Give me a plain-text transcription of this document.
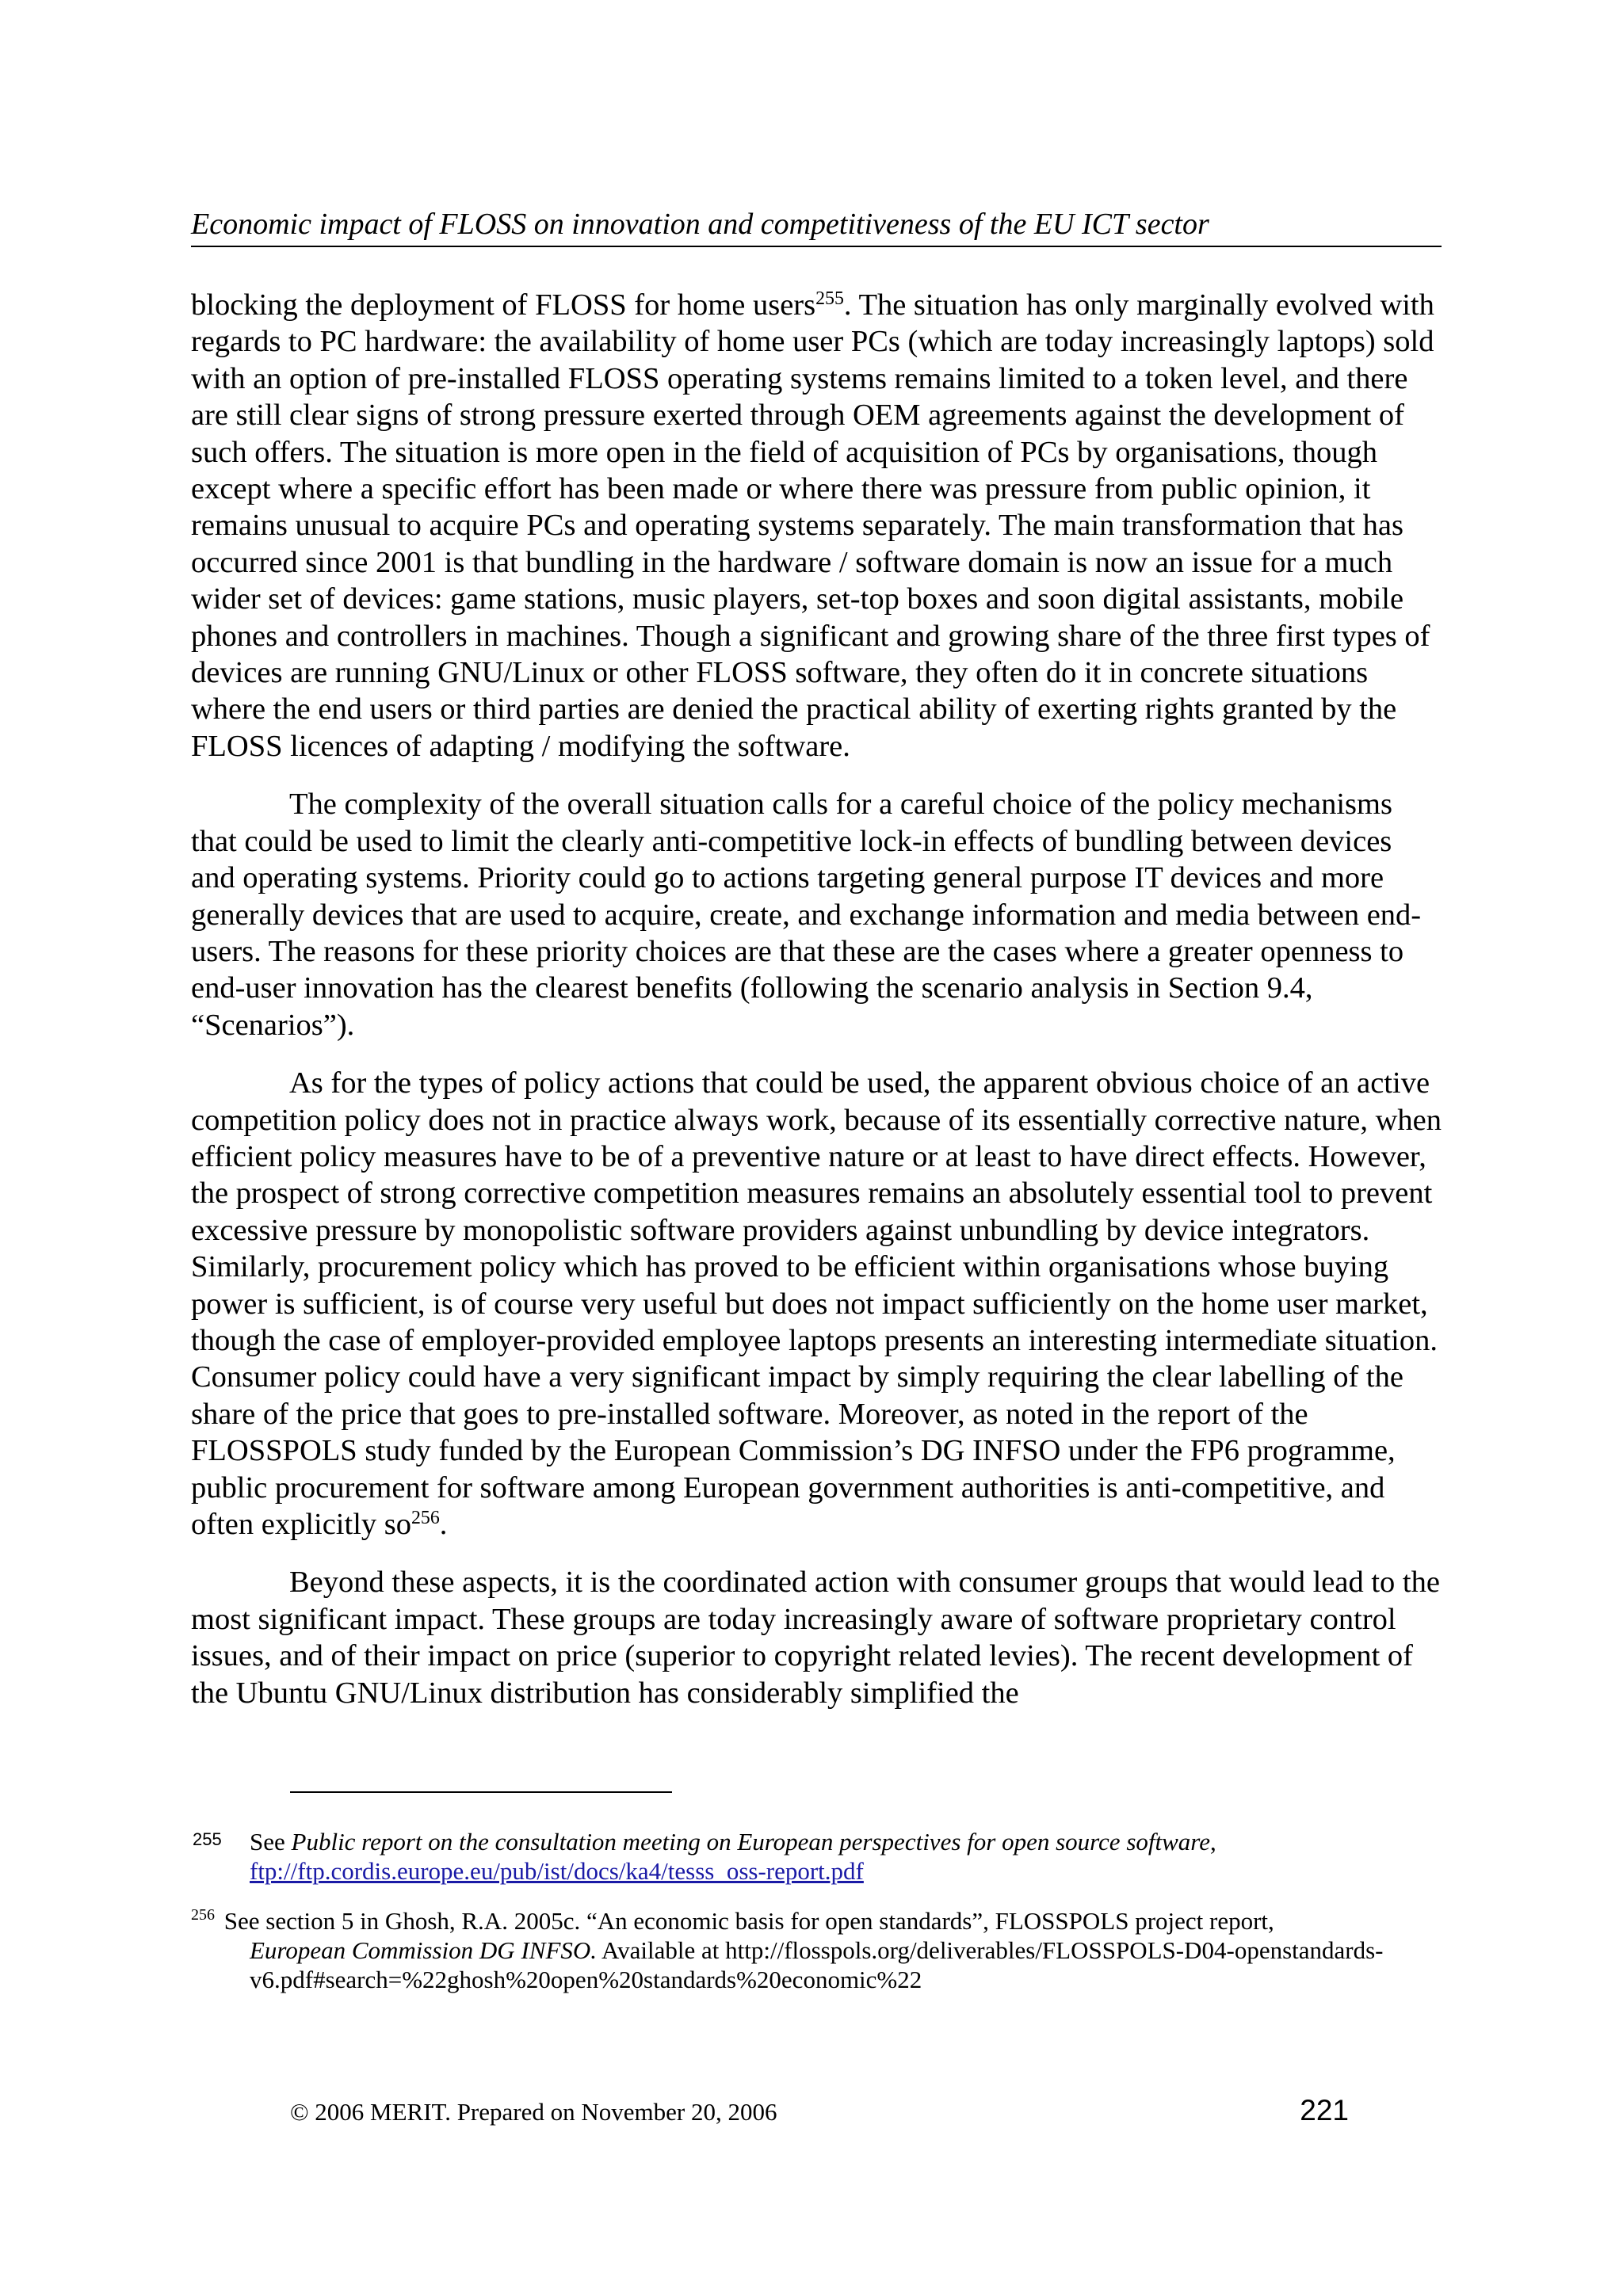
Economic impact of FLOSS on innovation and competitiveness of the EU ICT sector

blocking the deployment of FLOSS for home users$^{255}$. The situation has only marginally evolved with regards to PC hardware: the availability of home user PCs (which are today increasingly laptops) sold with an option of pre-installed FLOSS operating systems remains limited to a token level, and there are still clear signs of strong pressure exerted through OEM agreements against the development of such offers. The situation is more open in the field of acquisition of PCs by organisations, though except where a specific effort has been made or where there was pressure from public opinion, it remains unusual to acquire PCs and operating systems separately. The main transformation that has occurred since 2001 is that bundling in the hardware / software domain is now an issue for a much wider set of devices: game stations, music players, set-top boxes and soon digital assistants, mobile phones and controllers in machines. Though a significant and growing share of the three first types of devices are running GNU/Linux or other FLOSS software, they often do it in concrete situations where the end users or third parties are denied the practical ability of exerting rights granted by the FLOSS licences of adapting / modifying the software.

The complexity of the overall situation calls for a careful choice of the policy mechanisms that could be used to limit the clearly anti-competitive lock-in effects of bundling between devices and operating systems. Priority could go to actions targeting general purpose IT devices and more generally devices that are used to acquire, create, and exchange information and media between end-users. The reasons for these priority choices are that these are the cases where a greater openness to end-user innovation has the clearest benefits (following the scenario analysis in Section 9.4, “Scenarios”).

As for the types of policy actions that could be used, the apparent obvious choice of an active competition policy does not in practice always work, because of its essentially corrective nature, when efficient policy measures have to be of a preventive nature or at least to have direct effects. However, the prospect of strong corrective competition measures remains an absolutely essential tool to prevent excessive pressure by monopolistic software providers against unbundling by device integrators. Similarly, procurement policy which has proved to be efficient within organisations whose buying power is sufficient, is of course very useful but does not impact sufficiently on the home user market, though the case of employer-provided employee laptops presents an interesting intermediate situation. Consumer policy could have a very significant impact by simply requiring the clear labelling of the share of the price that goes to pre-installed software. Moreover, as noted in the report of the FLOSSPOLS study funded by the European Commission’s DG INFSO under the FP6 programme, public procurement for software among European government authorities is anti-competitive, and often explicitly $so^{256}$.

Beyond these aspects, it is the coordinated action with consumer groups that would lead to the most significant impact. These groups are today increasingly aware of software proprietary control issues, and of their impact on price (superior to copyright related levies). The recent development of the Ubuntu GNU/Linux distribution has considerably simplified the

255 See Public report on the consultation meeting on European perspectives for open source software,
ftp://ftp.cordis.europe.eu/pub/ist/docs/ka4/tesss_oss-report.pdf
$^{256}$ See section 5 in Ghosh, R.A. 2005c. “An economic basis for open standards”, FLOSSPOLS project report,
European Commission DG INFSO. Available at http://flosspols.org/deliverables/FLOSSPOLS-D04-openstandards-v6.pdf#search=%22ghosh%20open%20standards%20economic%22
© 2006 MERIT. Prepared on November 20, 2006	221
